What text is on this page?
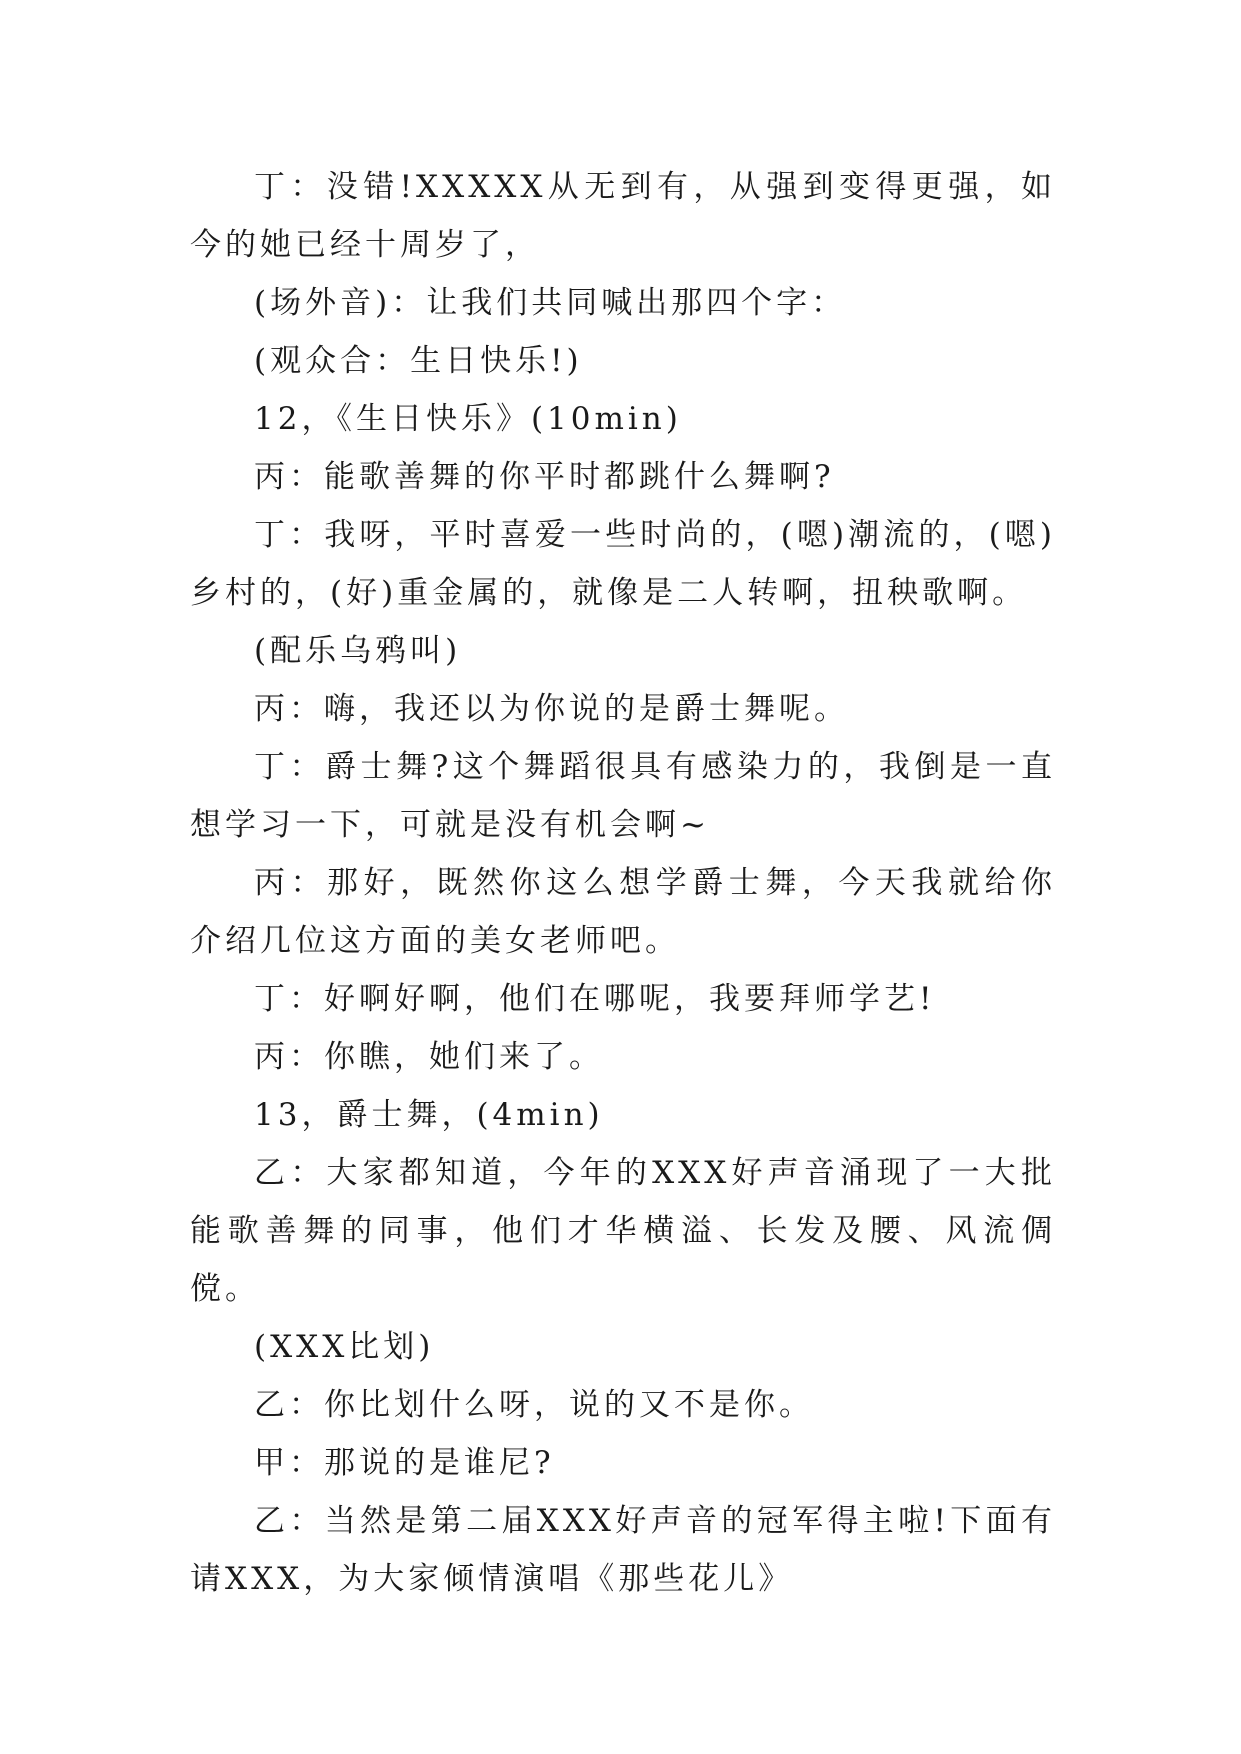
丁：没错!XXXXX从无到有，从强到变得更强，如今的她已经十周岁了，

(场外音)：让我们共同喊出那四个字：

(观众合：生日快乐!)

12，《生日快乐》(10min)

丙：能歌善舞的你平时都跳什么舞啊?

丁：我呀，平时喜爱一些时尚的，(嗯)潮流的，(嗯)乡村的，(好)重金属的，就像是二人转啊，扭秧歌啊。

(配乐乌鸦叫)

丙：嗨，我还以为你说的是爵士舞呢。

丁：爵士舞?这个舞蹈很具有感染力的，我倒是一直想学习一下，可就是没有机会啊~

丙：那好，既然你这么想学爵士舞，今天我就给你介绍几位这方面的美女老师吧。

丁：好啊好啊，他们在哪呢，我要拜师学艺!

丙：你瞧，她们来了。

13，爵士舞，(4min)

乙：大家都知道，今年的XXX好声音涌现了一大批能歌善舞的同事，他们才华横溢、长发及腰、风流倜傥。

(XXX比划)

乙：你比划什么呀，说的又不是你。

甲：那说的是谁尼?

乙：当然是第二届XXX好声音的冠军得主啦!下面有请XXX，为大家倾情演唱《那些花儿》
